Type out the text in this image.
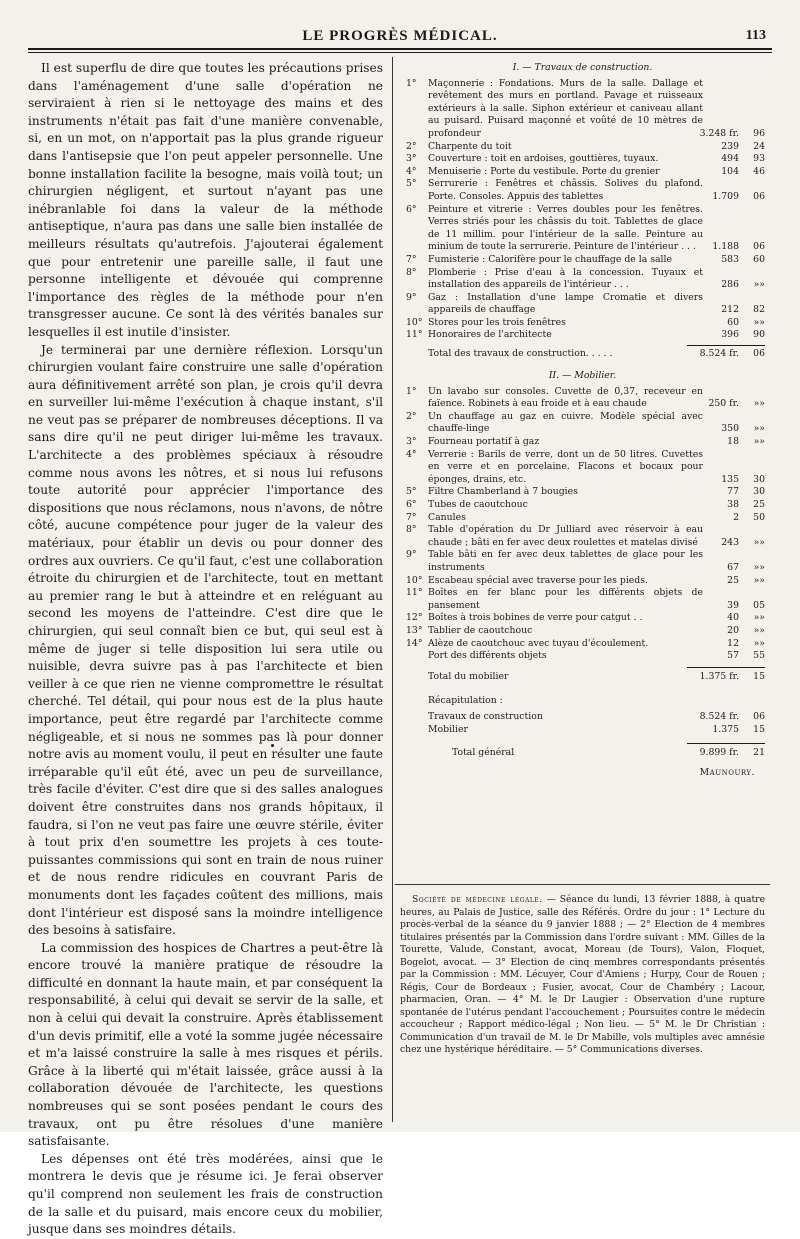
LE PROGRÈS MÉDICAL.	113

Il est superflu de dire que toutes les précautions prises dans l'aménagement d'une salle d'opération ne serviraient à rien si le nettoyage des mains et des instruments n'était pas fait d'une manière convenable, si, en un mot, on n'apportait pas la plus grande rigueur dans l'antisepsie que l'on peut appeler personnelle. Une bonne installation facilite la besogne, mais voilà tout; un chirurgien négligent, et surtout n'ayant pas une inébranlable foi dans la valeur de la méthode antiseptique, n'aura pas dans une salle bien installée de meilleurs résultats qu'autrefois. J'ajouterai également que pour entretenir une pareille salle, il faut une personne intelligente et dévouée qui comprenne l'importance des règles de la méthode pour n'en transgresser aucune. Ce sont là des vérités banales sur lesquelles il est inutile d'insister.

Je terminerai par une dernière réflexion. Lorsqu'un chirurgien voulant faire construire une salle d'opération aura définitivement arrêté son plan, je crois qu'il devra en surveiller lui-même l'exécution à chaque instant, s'il ne veut pas se préparer de nombreuses déceptions. Il va sans dire qu'il ne peut diriger lui-même les travaux. L'architecte a des problèmes spéciaux à résoudre comme nous avons les nôtres, et si nous lui refusons toute autorité pour apprécier l'importance des dispositions que nous réclamons, nous n'avons, de nôtre côté, aucune compétence pour juger de la valeur des matériaux, pour établir un devis ou pour donner des ordres aux ouvriers. Ce qu'il faut, c'est une collaboration étroite du chirurgien et de l'architecte, tout en mettant au premier rang le but à atteindre et en reléguant au second les moyens de l'atteindre. C'est dire que le chirurgien, qui seul connaît bien ce but, qui seul est à même de juger si telle disposition lui sera utile ou nuisible, devra suivre pas à pas l'architecte et bien veiller à ce que rien ne vienne compromettre le résultat cherché. Tel détail, qui pour nous est de la plus haute importance, peut être regardé par l'architecte comme négligeable, et si nous ne sommes pas là pour donner notre avis au moment voulu, il peut en résulter une faute irréparable qu'il eût été, avec un peu de surveillance, très facile d'éviter. C'est dire que si des salles analogues doivent être construites dans nos grands hôpitaux, il faudra, si l'on ne veut pas faire une œuvre stérile, éviter à tout prix d'en soumettre les projets à ces toute-puissantes commissions qui sont en train de nous ruiner et de nous rendre ridicules en couvrant Paris de monuments dont les façades coûtent des millions, mais dont l'intérieur est disposé sans la moindre intelligence des besoins à satisfaire.

La commission des hospices de Chartres a peut-être là encore trouvé la manière pratique de résoudre la difficulté en donnant la haute main, et par conséquent la responsabilité, à celui qui devait se servir de la salle, et non à celui qui devait la construire. Après établissement d'un devis primitif, elle a voté la somme jugée nécessaire et m'a laissé construire la salle à mes risques et périls. Grâce à la liberté qui m'était laissée, grâce aussi à la collaboration dévouée de l'architecte, les questions nombreuses qui se sont posées pendant le cours des travaux, ont pu être résolues d'une manière satisfaisante.

Les dépenses ont été très modérées, ainsi que le montrera le devis que je résume ici. Je ferai observer qu'il comprend non seulement les frais de construction de la salle et du puisard, mais encore ceux du mobilier, jusque dans ses moindres détails.

I. — Travaux de construction.
1° Maçonnerie : Fondations. Murs de la salle. Dallage et revêtement des murs en portland. Pavage et ruisseaux extérieurs à la salle. Siphon extérieur et caniveau allant au puisard. Puisard maçonné et voûté de 10 mètres de profondeur	3.248 fr.	96
2° Charpente du toit	239	24
3° Couverture : toit en ardoises, gouttières, tuyaux.	494	93
4° Menuiserie : Porte du vestibule. Porte du grenier	104	46
5° Serrurerie : Fenêtres et châssis. Solives du plafond. Porte. Consoles. Appuis des tablettes	1.709	06
6° Peinture et vitrerie : Verres doubles pour les fenêtres. Verres striés pour les châssis du toit. Tablettes de glace de 11 millim. pour l'intérieur de la salle. Peinture au minium de toute la serrurerie. Peinture de l'intérieur . . .	1.188	06
7° Fumisterie : Calorifère pour le chauffage de la salle	583	60
8° Plomberie : Prise d'eau à la concession. Tuyaux et installation des appareils de l'intérieur . . .	286	»»
9° Gaz : Installation d'une lampe Cromatie et divers appareils de chauffage	212	82
10° Stores pour les trois fenêtres	60	»»
11° Honoraires de l'architecte	396	90
Total des travaux de construction. . . . .	8.524 fr.	06
II. — Mobilier.
1° Un lavabo sur consoles. Cuvette de 0,37, receveur en faïence. Robinets à eau froide et à eau chaude	250 fr.	»»
2° Un chauffage au gaz en cuivre. Modèle spécial avec chauffe-linge	350	»»
3° Fourneau portatif à gaz	18	»»
4° Verrerie : Barils de verre, dont un de 50 litres. Cuvettes en verre et en porcelaine. Flacons et bocaux pour éponges, drains, etc.	135	30
5° Filtre Chamberland à 7 bougies	77	30
6° Tubes de caoutchouc	38	25
7° Canules	2	50
8° Table d'opération du Dr Julliard avec réservoir à eau chaude ; bâti en fer avec deux roulettes et matelas divisé	243	»»
9° Table bâti en fer avec deux tablettes de glace pour les instruments	67	»»
10° Escabeau spécial avec traverse pour les pieds.	25	»»
11° Boîtes en fer blanc pour les différents objets de pansement	39	05
12° Boîtes à trois bobines de verre pour catgut . .	40	»»
13° Tablier de caoutchouc	20	»»
14° Alèze de caoutchouc avec tuyau d'écoulement.	12	»»
Port des différents objets	57	55
Total du mobilier	1.375 fr.	15
Récapitulation :
Travaux de construction	8.524 fr.	06
Mobilier	1.375	15
Total général	9.899 fr.	21
Maunoury.

Société de médecine légale. — Séance du lundi, 13 février 1888, à quatre heures, au Palais de Justice, salle des Référés. Ordre du jour : 1° Lecture du procès-verbal de la séance du 9 janvier 1888 ; — 2° Election de 4 membres titulaires présentés par la Commission dans l'ordre suivant : MM. Gilles de la Tourette, Valude, Constant, avocat, Moreau (de Tours), Valon, Floquet, Bogelot, avocat. — 3° Election de cinq membres correspondants présentés par la Commission : MM. Lécuyer, Cour d'Amiens ; Hurpy, Cour de Rouen ; Régis, Cour de Bordeaux ; Fusier, avocat, Cour de Chambéry ; Lacour, pharmacien, Oran. — 4° M. le Dr Laugier : Observation d'une rupture spontanée de l'utérus pendant l'accouchement ; Poursuites contre le médecin accoucheur ; Rapport médico-légal ; Non lieu. — 5° M. le Dr Christian : Communication d'un travail de M. le Dr Mabille, vols multiples avec amnésie chez une hystérique héréditaire. — 5° Communications diverses.
